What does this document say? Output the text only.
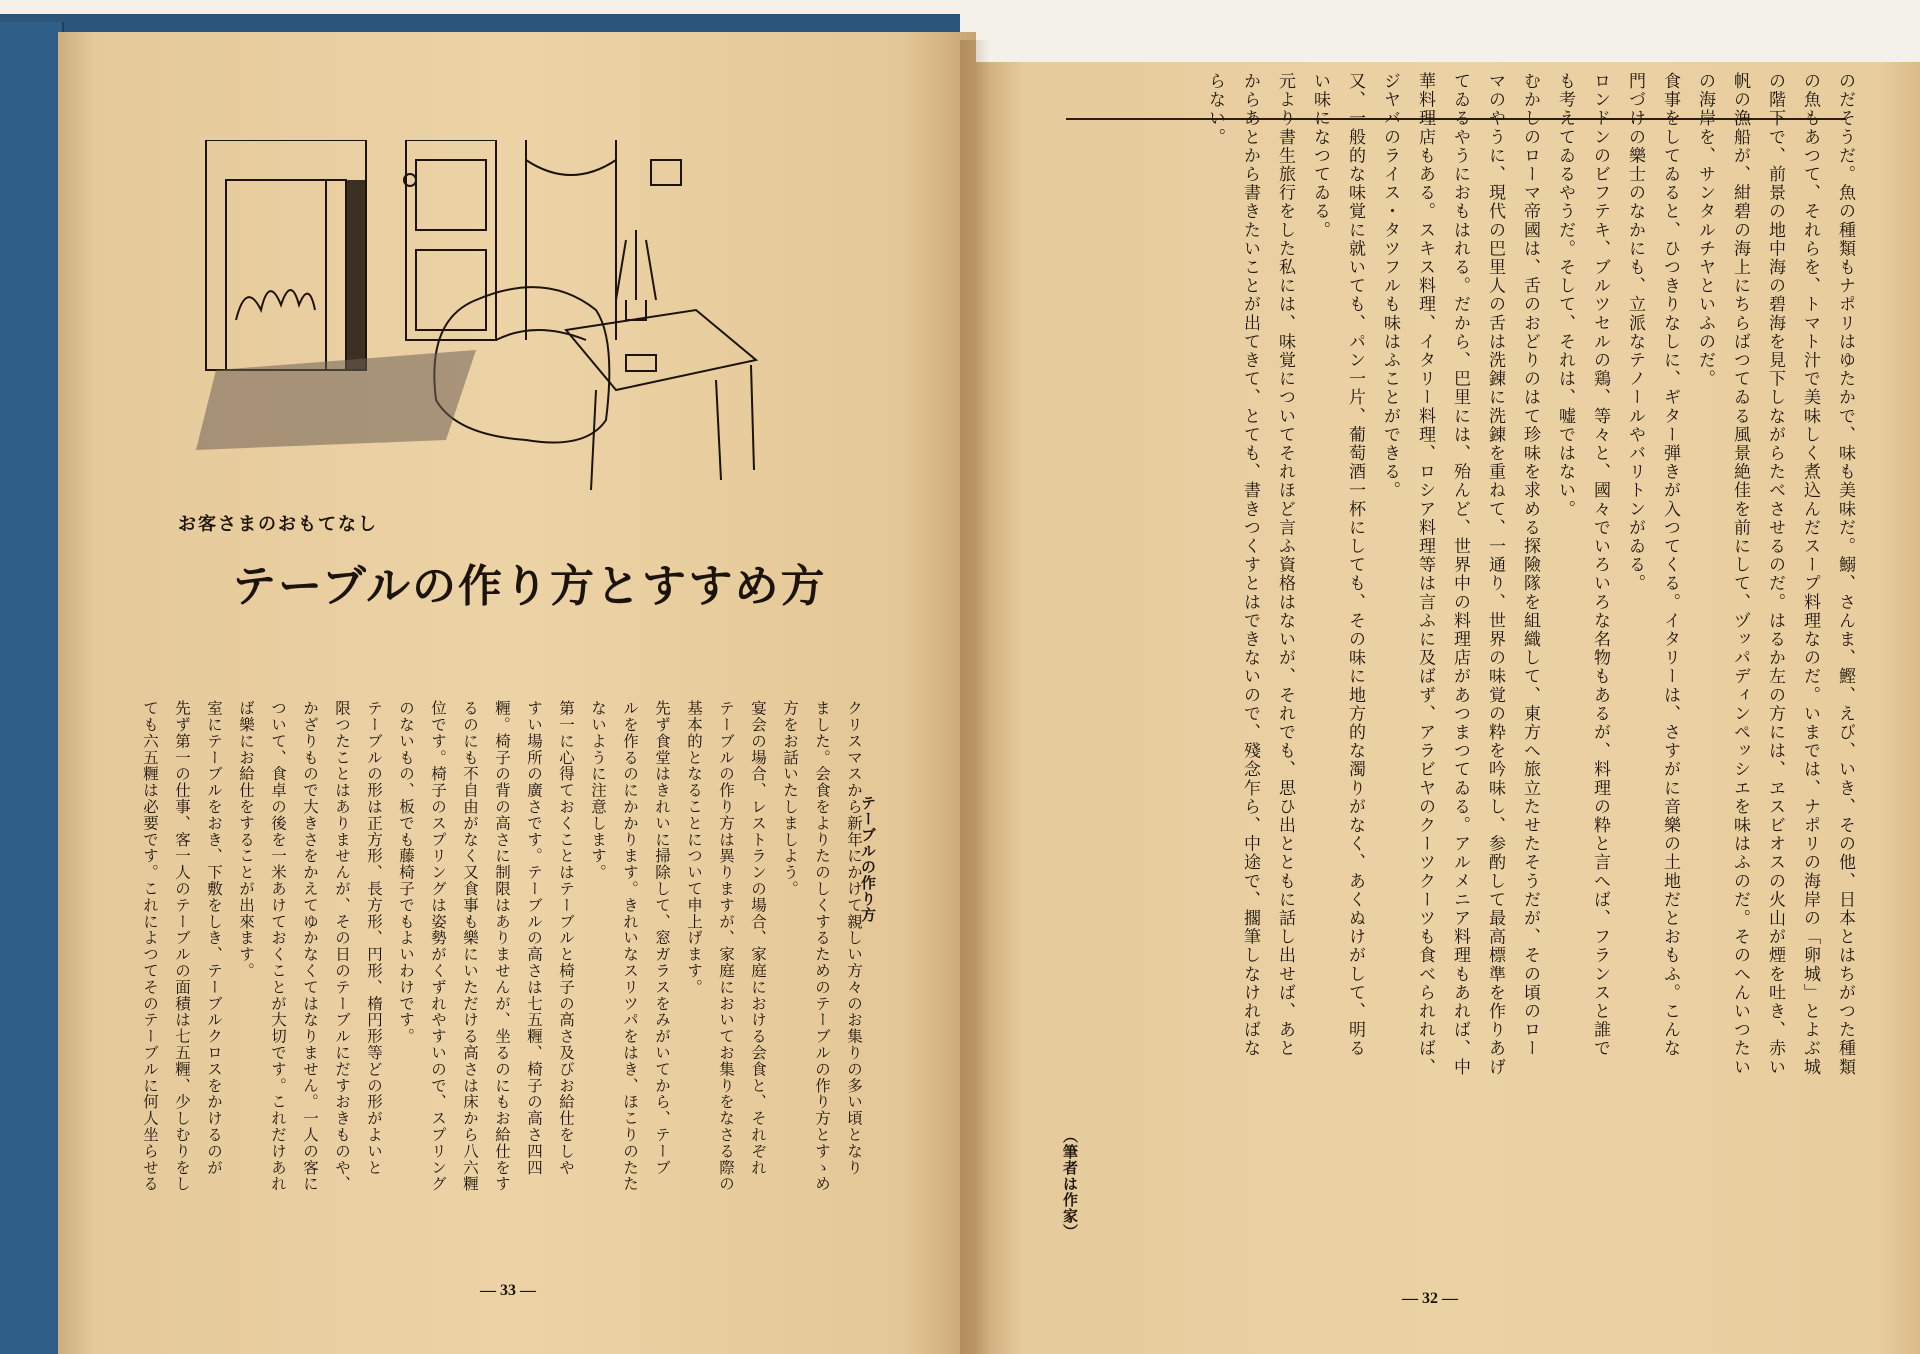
お客さまのおもてなし
テーブルの作り方とすすめ方
テーブルの作り方
クリスマスから新年にかけて親しい方々のお集りの多い頃となり
ました。会食をよりたのしくするためのテーブルの作り方とすゝめ
方をお話いたしましよう。
宴会の場合、レストランの場合、家庭における会食と、それぞれ
テーブルの作り方は異りますが、家庭においてお集りをなさる際の
基本的となることについて申上げます。
先ず食堂はきれいに掃除して、窓ガラスをみがいてから、テーブ
ルを作るのにかかります。きれいなスリツパをはき、ほこりのたた
ないように注意します。
第一に心得ておくことはテーブルと椅子の高さ及びお給仕をしや
すい場所の廣さです。テーブルの高さは七五糎、椅子の高さ四四
糎。椅子の背の高さに制限はありませんが、坐るのにもお給仕をす
るのにも不自由がなく又食事も樂にいただける高さは床から八六糎
位です。椅子のスプリングは姿勢がくずれやすいので、スプリング
のないもの、板でも藤椅子でもよいわけです。
テーブルの形は正方形、長方形、円形、楕円形等どの形がよいと
限つたことはありませんが、その日のテーブルにだすおきものや、
かざりもので大きさをかえてゆかなくてはなりません。一人の客に
ついて、食卓の後を一米あけておくことが大切です。これだけあれ
ば樂にお給仕をすることが出來ます。
室にテーブルをおき、下敷をしき、テーブルクロスをかけるのが
先ず第一の仕事、客一人のテーブルの面積は七五糎、少しむりをし
ても六五糎は必要です。これによつてそのテーブルに何人坐らせる
— 33 —
のだそうだ。魚の種類もナポリはゆたかで、味も美味だ。鰯、さんま、鰹、えび、いき、その他、日本とはちがつた種類
の魚もあつて、それらを、トマト汁で美味しく煮込んだスープ料理なのだ。いまでは、ナポリの海岸の「卵城」とよぶ城
の階下で、前景の地中海の碧海を見下しながらたべさせるのだ。はるか左の方には、ヱスビオスの火山が煙を吐き、赤い
帆の漁船が、紺碧の海上にちらばつてゐる風景絶佳を前にして、ヅッパディンペッシエを味はふのだ。そのへんいつたい
の海岸を、サンタルチヤといふのだ。
食事をしてゐると、ひつきりなしに、ギター弾きが入つてくる。イタリーは、さすがに音樂の土地だとおもふ。こんな
門づけの樂士のなかにも、立派なテノールやバリトンがゐる。
ロンドンのビフテキ、ブルツセルの鶏、等々と、國々でいろいろな名物もあるが、料理の粋と言へば、フランスと誰で
も考えてゐるやうだ。そして、それは、嘘ではない。
むかしのローマ帝國は、舌のおどりのはて珍味を求める探險隊を組織して、東方へ旅立たせたそうだが、その頃のロー
マのやうに、現代の巴里人の舌は洗錬に洗錬を重ねて、一通り、世界の味覚の粋を吟味し、参酌して最高標準を作りあげ
てゐるやうにおもはれる。だから、巴里には、殆んど、世界中の料理店があつまつてゐる。アルメニア料理もあれば、中
華料理店もある。スキス料理、イタリー料理、ロシア料理等は言ふに及ばず、アラビヤのクーツクーツも食べられれば、
ジヤバのライス・タツフルも味はふことができる。
又、一般的な味覚に就いても、パン一片、葡萄酒一杯にしても、その味に地方的な濁りがなく、あくぬけがして、明る
い味になつてゐる。
元より書生旅行をした私には、味覚についてそれほど言ふ資格はないが、それでも、思ひ出とともに話し出せば、あと
からあとから書きたいことが出てきて、とても、書きつくすとはできないので、殘念乍ら、中途で、擱筆しなければな
らない。
（筆者は作家）
— 32 —
